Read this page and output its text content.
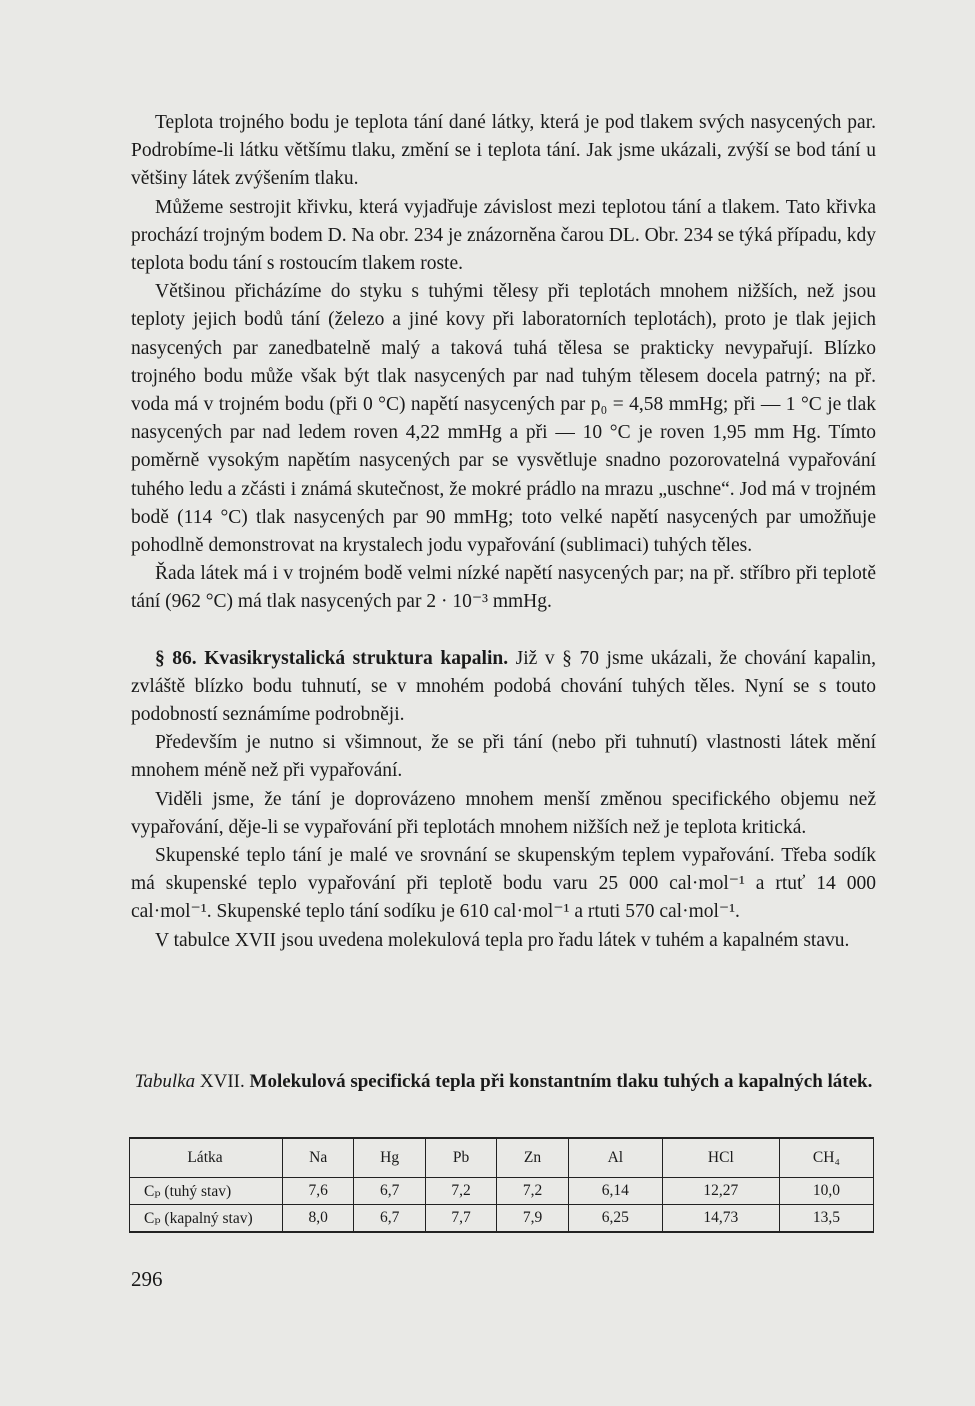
Teplota trojného bodu je teplota tání dané látky, která je pod tlakem svých nasycených par. Podrobíme-li látku většímu tlaku, změní se i teplota tání. Jak jsme ukázali, zvýší se bod tání u většiny látek zvýšením tlaku.

Můžeme sestrojit křivku, která vyjadřuje závislost mezi teplotou tání a tlakem. Tato křivka prochází trojným bodem D. Na obr. 234 je znázorněna čarou DL. Obr. 234 se týká případu, kdy teplota bodu tání s rostoucím tlakem roste.

Většinou přicházíme do styku s tuhými tělesy při teplotách mnohem nižších, než jsou teploty jejich bodů tání (železo a jiné kovy při laboratorních teplotách), proto je tlak jejich nasycených par zanedbatelně malý a taková tuhá tělesa se prakticky nevypařují. Blízko trojného bodu může však být tlak nasycených par nad tuhým tělesem docela patrný; na př. voda má v trojném bodu (při 0 °C) napětí nasycených par p₀ = 4,58 mmHg; při — 1 °C je tlak nasycených par nad ledem roven 4,22 mmHg a při — 10 °C je roven 1,95 mm Hg. Tímto poměrně vysokým napětím nasycených par se vysvětluje snadno pozorovatelná vypařování tuhého ledu a zčásti i známá skutečnost, že mokré prádlo na mrazu „uschne“. Jod má v trojném bodě (114 °C) tlak nasycených par 90 mmHg; toto velké napětí nasycených par umožňuje pohodlně demonstrovat na krystalech jodu vypařování (sublimaci) tuhých těles.

Řada látek má i v trojném bodě velmi nízké napětí nasycených par; na př. stříbro při teplotě tání (962 °C) má tlak nasycených par 2 · 10⁻³ mmHg.

§ 86. Kvasikrystalická struktura kapalin. Již v § 70 jsme ukázali, že chování kapalin, zvláště blízko bodu tuhnutí, se v mnohém podobá chování tuhých těles. Nyní se s touto podobností seznámíme podrobněji.

Především je nutno si všimnout, že se při tání (nebo při tuhnutí) vlastnosti látek mění mnohem méně než při vypařování.

Viděli jsme, že tání je doprovázeno mnohem menší změnou specifického objemu než vypařování, děje-li se vypařování při teplotách mnohem nižších než je teplota kritická.

Skupenské teplo tání je malé ve srovnání se skupenským teplem vypařování. Třeba sodík má skupenské teplo vypařování při teplotě bodu varu 25 000 cal·mol⁻¹ a rtuť 14 000 cal·mol⁻¹. Skupenské teplo tání sodíku je 610 cal·mol⁻¹ a rtuti 570 cal·mol⁻¹.

V tabulce XVII jsou uvedena molekulová tepla pro řadu látek v tuhém a kapalném stavu.

Tabulka XVII. Molekulová specifická tepla při konstantním tlaku tuhých a kapalných látek.
Látka	Na	Hg	Pb	Zn	Al	HCl	CH₄
Cₚ (tuhý stav)	7,6	6,7	7,2	7,2	6,14	12,27	10,0
Cₚ (kapalný stav)	8,0	6,7	7,7	7,9	6,25	14,73	13,5
296
